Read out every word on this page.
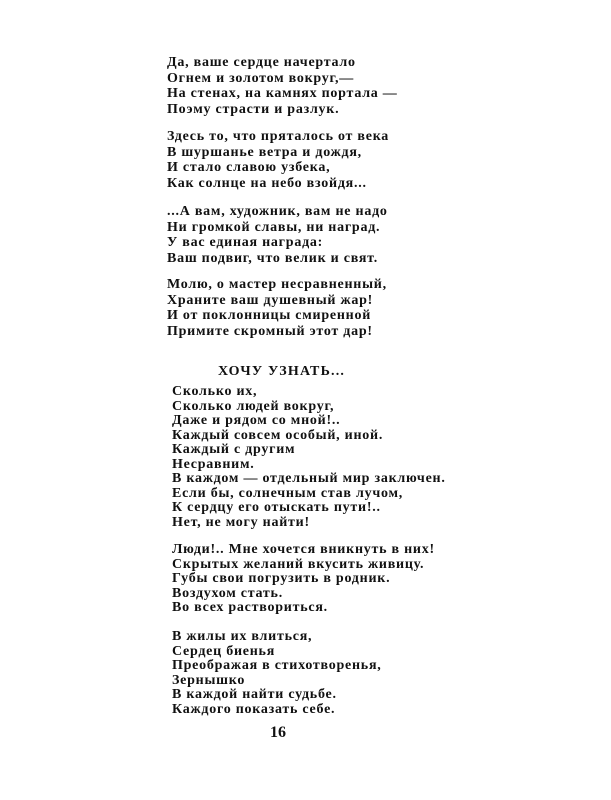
Да, ваше сердце начертало
Огнем и золотом вокруг,—
На стенах, на камнях портала —
Поэму страсти и разлук.
Здесь то, что пряталось от века
В шуршанье ветра и дождя,
И стало славою узбека,
Как солнце на небо взойдя...
...А вам, художник, вам не надо
Ни громкой славы, ни наград.
У вас единая награда:
Ваш подвиг, что велик и свят.
Молю, о мастер несравненный,
Храните ваш душевный жар!
И от поклонницы смиренной
Примите скромный этот дар!
ХОЧУ УЗНАТЬ...
Сколько их,
Сколько людей вокруг,
Даже и рядом со мной!..
Каждый совсем особый, иной.
Каждый с другим
Несравним.
В каждом — отдельный мир заключен.
Если бы, солнечным став лучом,
К сердцу его отыскать пути!..
Нет, не могу найти!
Люди!.. Мне хочется вникнуть в них!
Скрытых желаний вкусить живицу.
Губы свои погрузить в родник.
Воздухом стать.
Во всех раствориться.
В жилы их влиться,
Сердец биенья
Преображая в стихотворенья,
Зернышко
В каждой найти судьбе.
Каждого показать себе.
16
